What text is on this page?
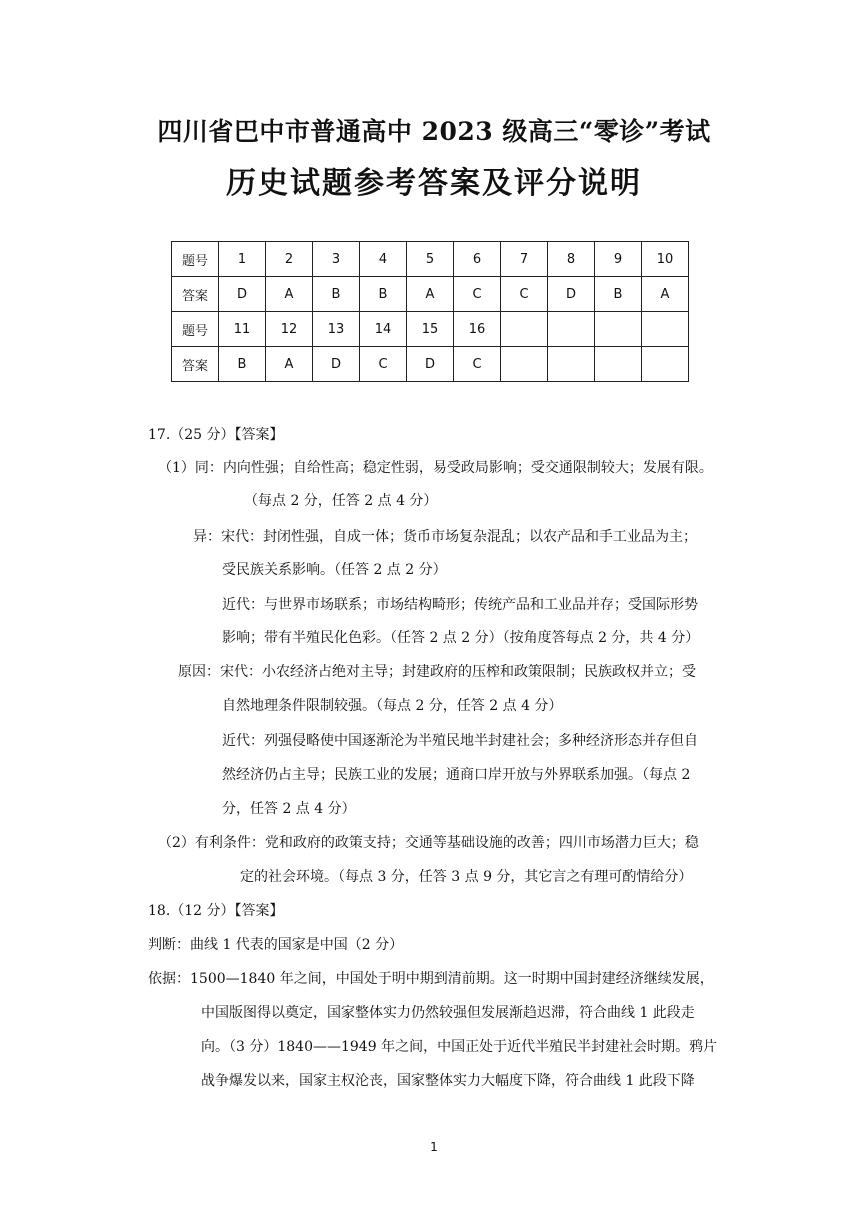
四川省巴中市普通高中 2023 级高三“零诊”考试
历史试题参考答案及评分说明
题号	1	2	3	4	5	6	7	8	9	10
答案	D	A	B	B	A	C	C	D	B	A
题号	11	12	13	14	15	16				
答案	B	A	D	C	D	C				
17.（25 分）【答案】
（1）同：内向性强；自给性高；稳定性弱，易受政局影响；受交通限制较大；发展有限。
（每点 2 分，任答 2 点 4 分）
异：宋代：封闭性强，自成一体；货币市场复杂混乱；以农产品和手工业品为主；
受民族关系影响。（任答 2 点 2 分）
近代：与世界市场联系；市场结构畸形；传统产品和工业品并存；受国际形势
影响；带有半殖民化色彩。（任答 2 点 2 分）（按角度答每点 2 分，共 4 分）
原因：宋代：小农经济占绝对主导；封建政府的压榨和政策限制；民族政权并立；受
自然地理条件限制较强。（每点 2 分，任答 2 点 4 分）
近代：列强侵略使中国逐渐沦为半殖民地半封建社会；多种经济形态并存但自
然经济仍占主导；民族工业的发展；通商口岸开放与外界联系加强。（每点 2
分，任答 2 点 4 分）
（2）有利条件：党和政府的政策支持；交通等基础设施的改善；四川市场潜力巨大；稳
定的社会环境。（每点 3 分，任答 3 点 9 分，其它言之有理可酌情给分）
18.（12 分）【答案】
判断：曲线 1 代表的国家是中国（2 分）
依据：1500—1840 年之间，中国处于明中期到清前期。这一时期中国封建经济继续发展，
中国版图得以奠定，国家整体实力仍然较强但发展渐趋迟滞，符合曲线 1 此段走
向。（3 分）1840——1949 年之间，中国正处于近代半殖民半封建社会时期。鸦片
战争爆发以来，国家主权沦丧，国家整体实力大幅度下降，符合曲线 1 此段下降
1
